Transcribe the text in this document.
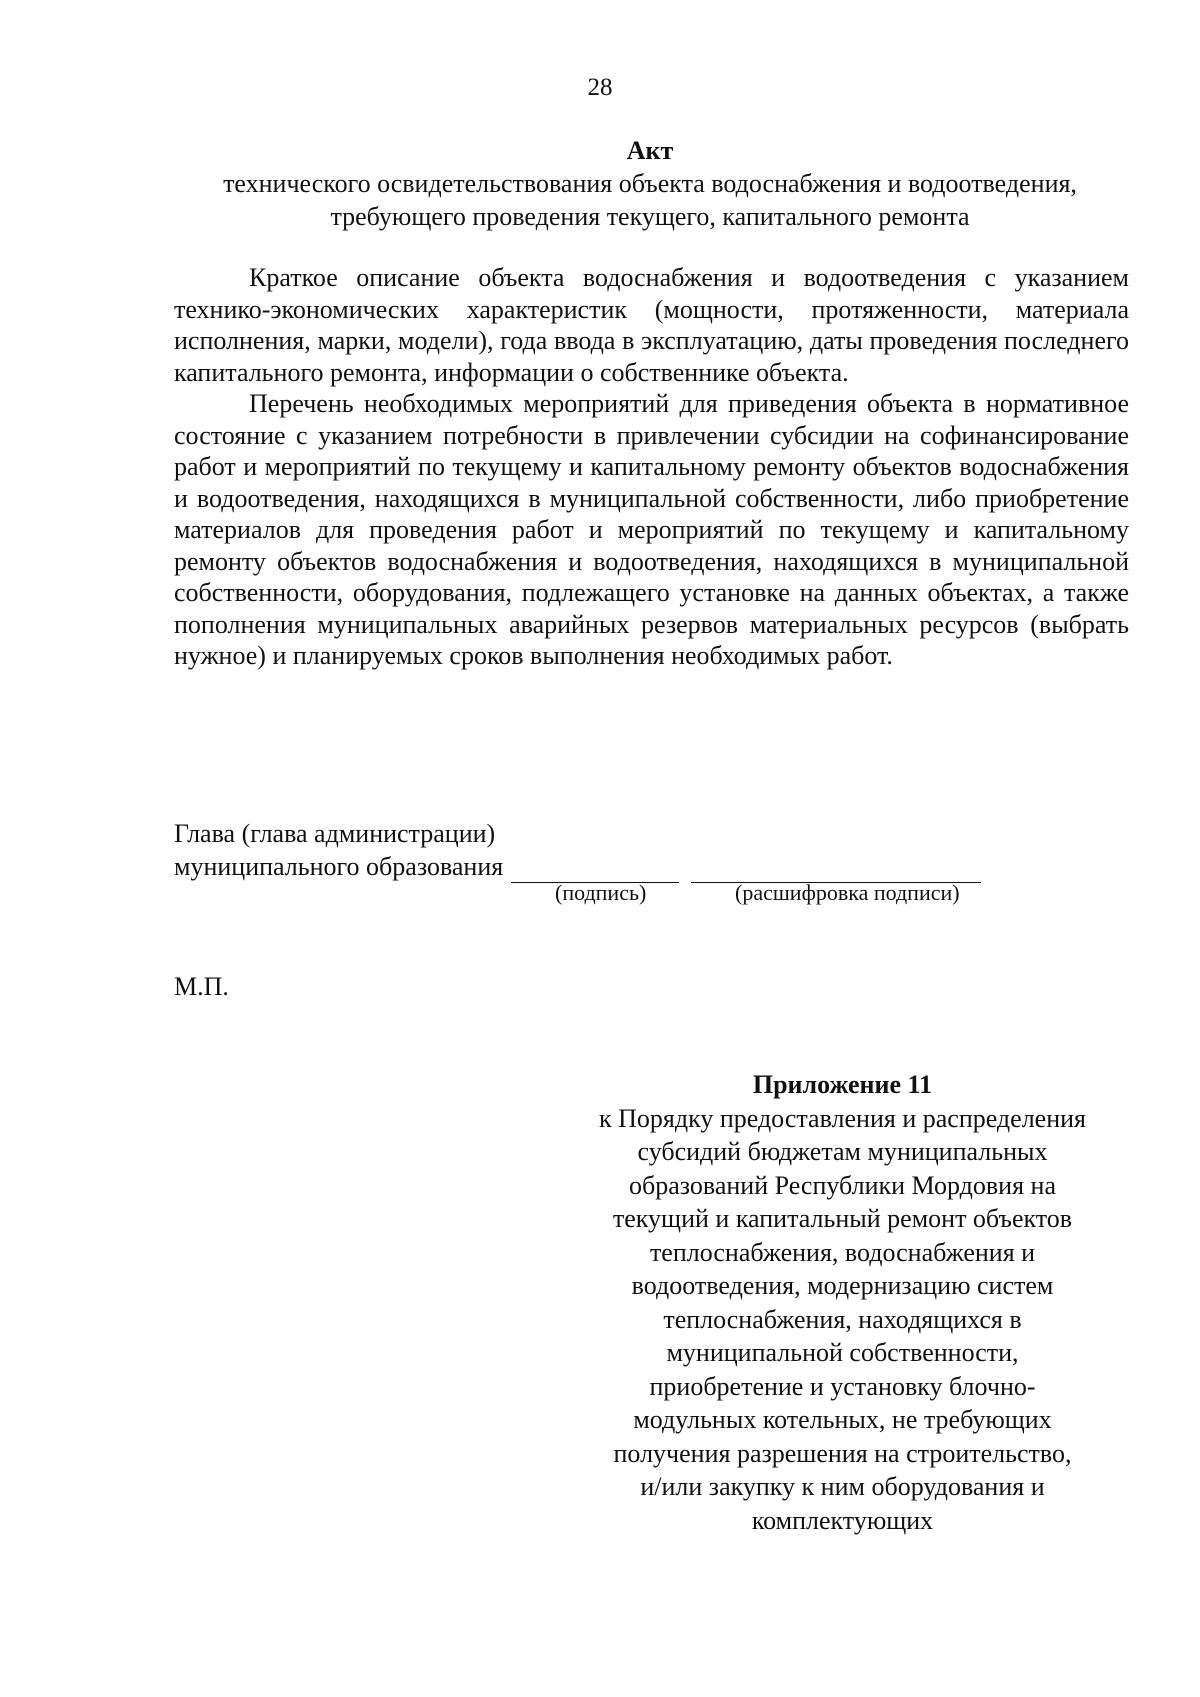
28
Акт
технического освидетельствования объекта водоснабжения и водоотведения,
требующего проведения текущего, капитального ремонта

Краткое описание объекта водоснабжения и водоотведения с указанием технико-экономических характеристик (мощности, протяженности, материала исполнения, марки, модели), года ввода в эксплуатацию, даты проведения последнего капитального ремонта, информации о собственнике объекта.

Перечень необходимых мероприятий для приведения объекта в нормативное состояние с указанием потребности в привлечении субсидии на софинансирование работ и мероприятий по текущему и капитальному ремонту объектов водоснабжения и водоотведения, находящихся в муниципальной собственности, либо приобретение материалов для проведения работ и мероприятий по текущему и капитальному ремонту объектов водоснабжения и водоотведения, находящихся в муниципальной собственности, оборудования, подлежащего установке на данных объектах, а также пополнения муниципальных аварийных резервов материальных ресурсов (выбрать нужное) и планируемых сроков выполнения необходимых работ.

Глава (глава администрации)
муниципального образования
(подпись)	(расшифровка подписи)
М.П.
Приложение 11
к Порядку предоставления и распределения
субсидий бюджетам муниципальных
образований Республики Мордовия на
текущий и капитальный ремонт объектов
теплоснабжения, водоснабжения и
водоотведения, модернизацию систем
теплоснабжения, находящихся в
муниципальной собственности,
приобретение и установку блочно-
модульных котельных, не требующих
получения разрешения на строительство,
и/или закупку к ним оборудования и
комплектующих
